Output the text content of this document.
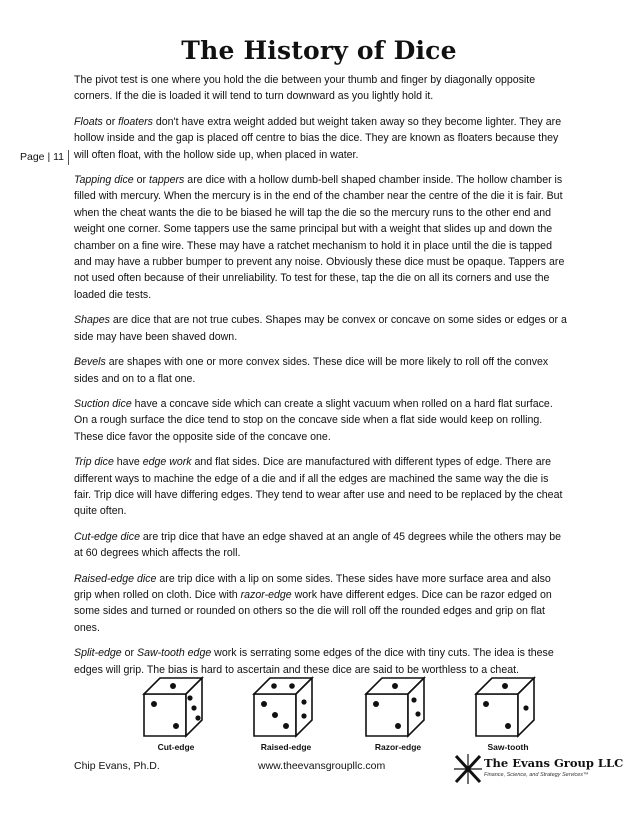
The History of Dice
Page | 11

The pivot test is one where you hold the die between your thumb and finger by diagonally opposite corners. If the die is loaded it will tend to turn downward as you lightly hold it.

Floats or floaters don't have extra weight added but weight taken away so they become lighter. They are hollow inside and the gap is placed off centre to bias the dice. They are known as floaters because they will often float, with the hollow side up, when placed in water.

Tapping dice or tappers are dice with a hollow dumb-bell shaped chamber inside. The hollow chamber is filled with mercury. When the mercury is in the end of the chamber near the centre of the die it is fair. But when the cheat wants the die to be biased he will tap the die so the mercury runs to the other end and weight one corner. Some tappers use the same principal but with a weight that slides up and down the chamber on a fine wire. These may have a ratchet mechanism to hold it in place until the die is tapped and may have a rubber bumper to prevent any noise. Obviously these dice must be opaque. Tappers are not used often because of their unreliability. To test for these, tap the die on all its corners and use the loaded die tests.

Shapes are dice that are not true cubes. Shapes may be convex or concave on some sides or edges or a side may have been shaved down.

Bevels are shapes with one or more convex sides. These dice will be more likely to roll off the convex sides and on to a flat one.

Suction dice have a concave side which can create a slight vacuum when rolled on a hard flat surface. On a rough surface the dice tend to stop on the concave side when a flat side would keep on rolling. These dice favor the opposite side of the concave one.

Trip dice have edge work and flat sides. Dice are manufactured with different types of edge. There are different ways to machine the edge of a die and if all the edges are machined the same way the die is fair. Trip dice will have differing edges. They tend to wear after use and need to be replaced by the cheat quite often.

Cut-edge dice are trip dice that have an edge shaved at an angle of 45 degrees while the others may be at 60 degrees which affects the roll.

Raised-edge dice are trip dice with a lip on some sides. These sides have more surface area and also grip when rolled on cloth. Dice with razor-edge work have different edges. Dice can be razor edged on some sides and turned or rounded on others so the die will roll off the rounded edges and grip on flat ones.

Split-edge or Saw-tooth edge work is serrating some edges of the dice with tiny cuts. The idea is these edges will grip. The bias is hard to ascertain and these dice are said to be worthless to a cheat.

Cut-edge	Raised-edge	Razor-edge	Saw-tooth
Chip Evans, Ph.D.	www.theevansgroupllc.com	The Evans Group LLC
Finance, Science, and Strategy Services™
